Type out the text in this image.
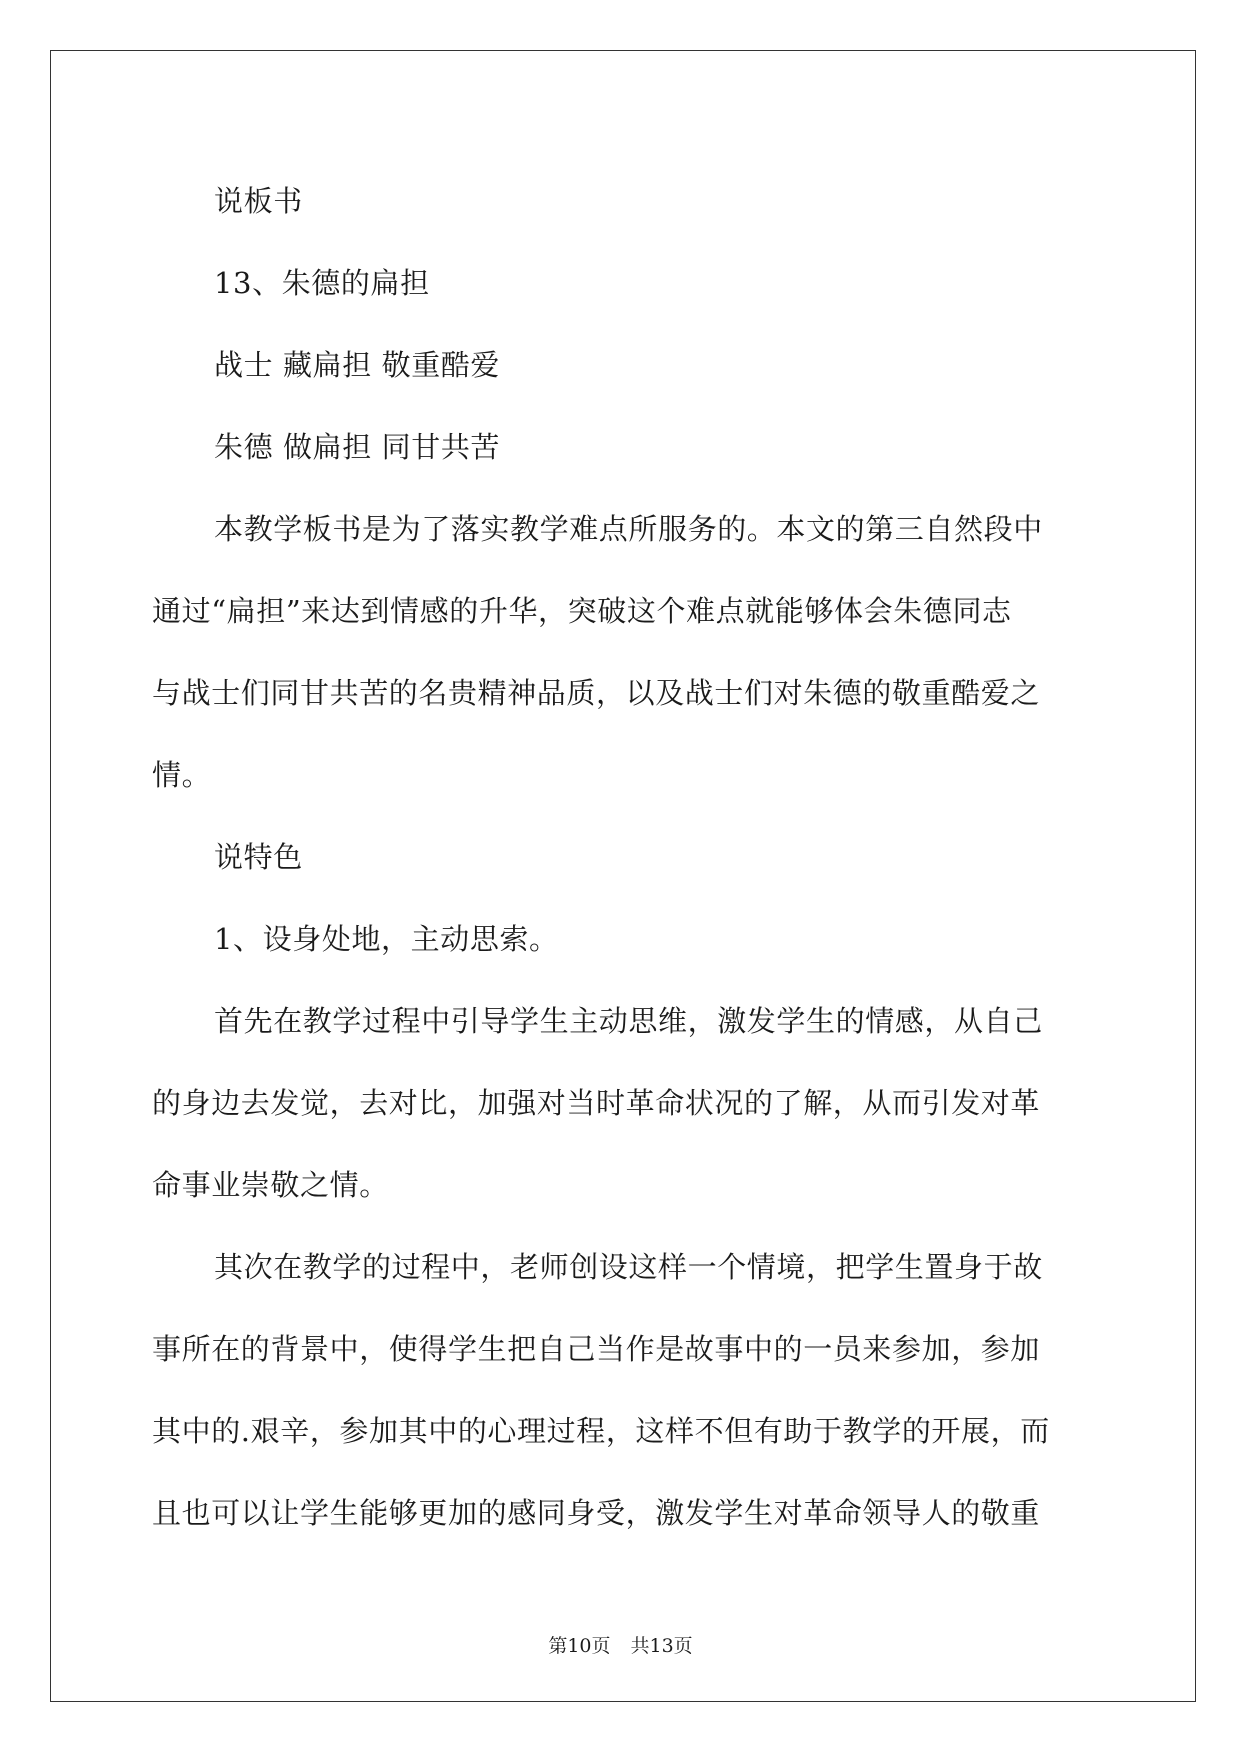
说板书
13、朱德的扁担
战士 藏扁担 敬重酷爱
朱德 做扁担 同甘共苦
本教学板书是为了落实教学难点所服务的。本文的第三自然段中
通过“扁担”来达到情感的升华，突破这个难点就能够体会朱德同志
与战士们同甘共苦的名贵精神品质，以及战士们对朱德的敬重酷爱之
情。
说特色
1、设身处地，主动思索。
首先在教学过程中引导学生主动思维，激发学生的情感，从自己
的身边去发觉，去对比，加强对当时革命状况的了解，从而引发对革
命事业崇敬之情。
其次在教学的过程中，老师创设这样一个情境，把学生置身于故
事所在的背景中，使得学生把自己当作是故事中的一员来参加，参加
其中的.艰辛，参加其中的心理过程，这样不但有助于教学的开展，而
且也可以让学生能够更加的感同身受，激发学生对革命领导人的敬重
第10页 共13页
